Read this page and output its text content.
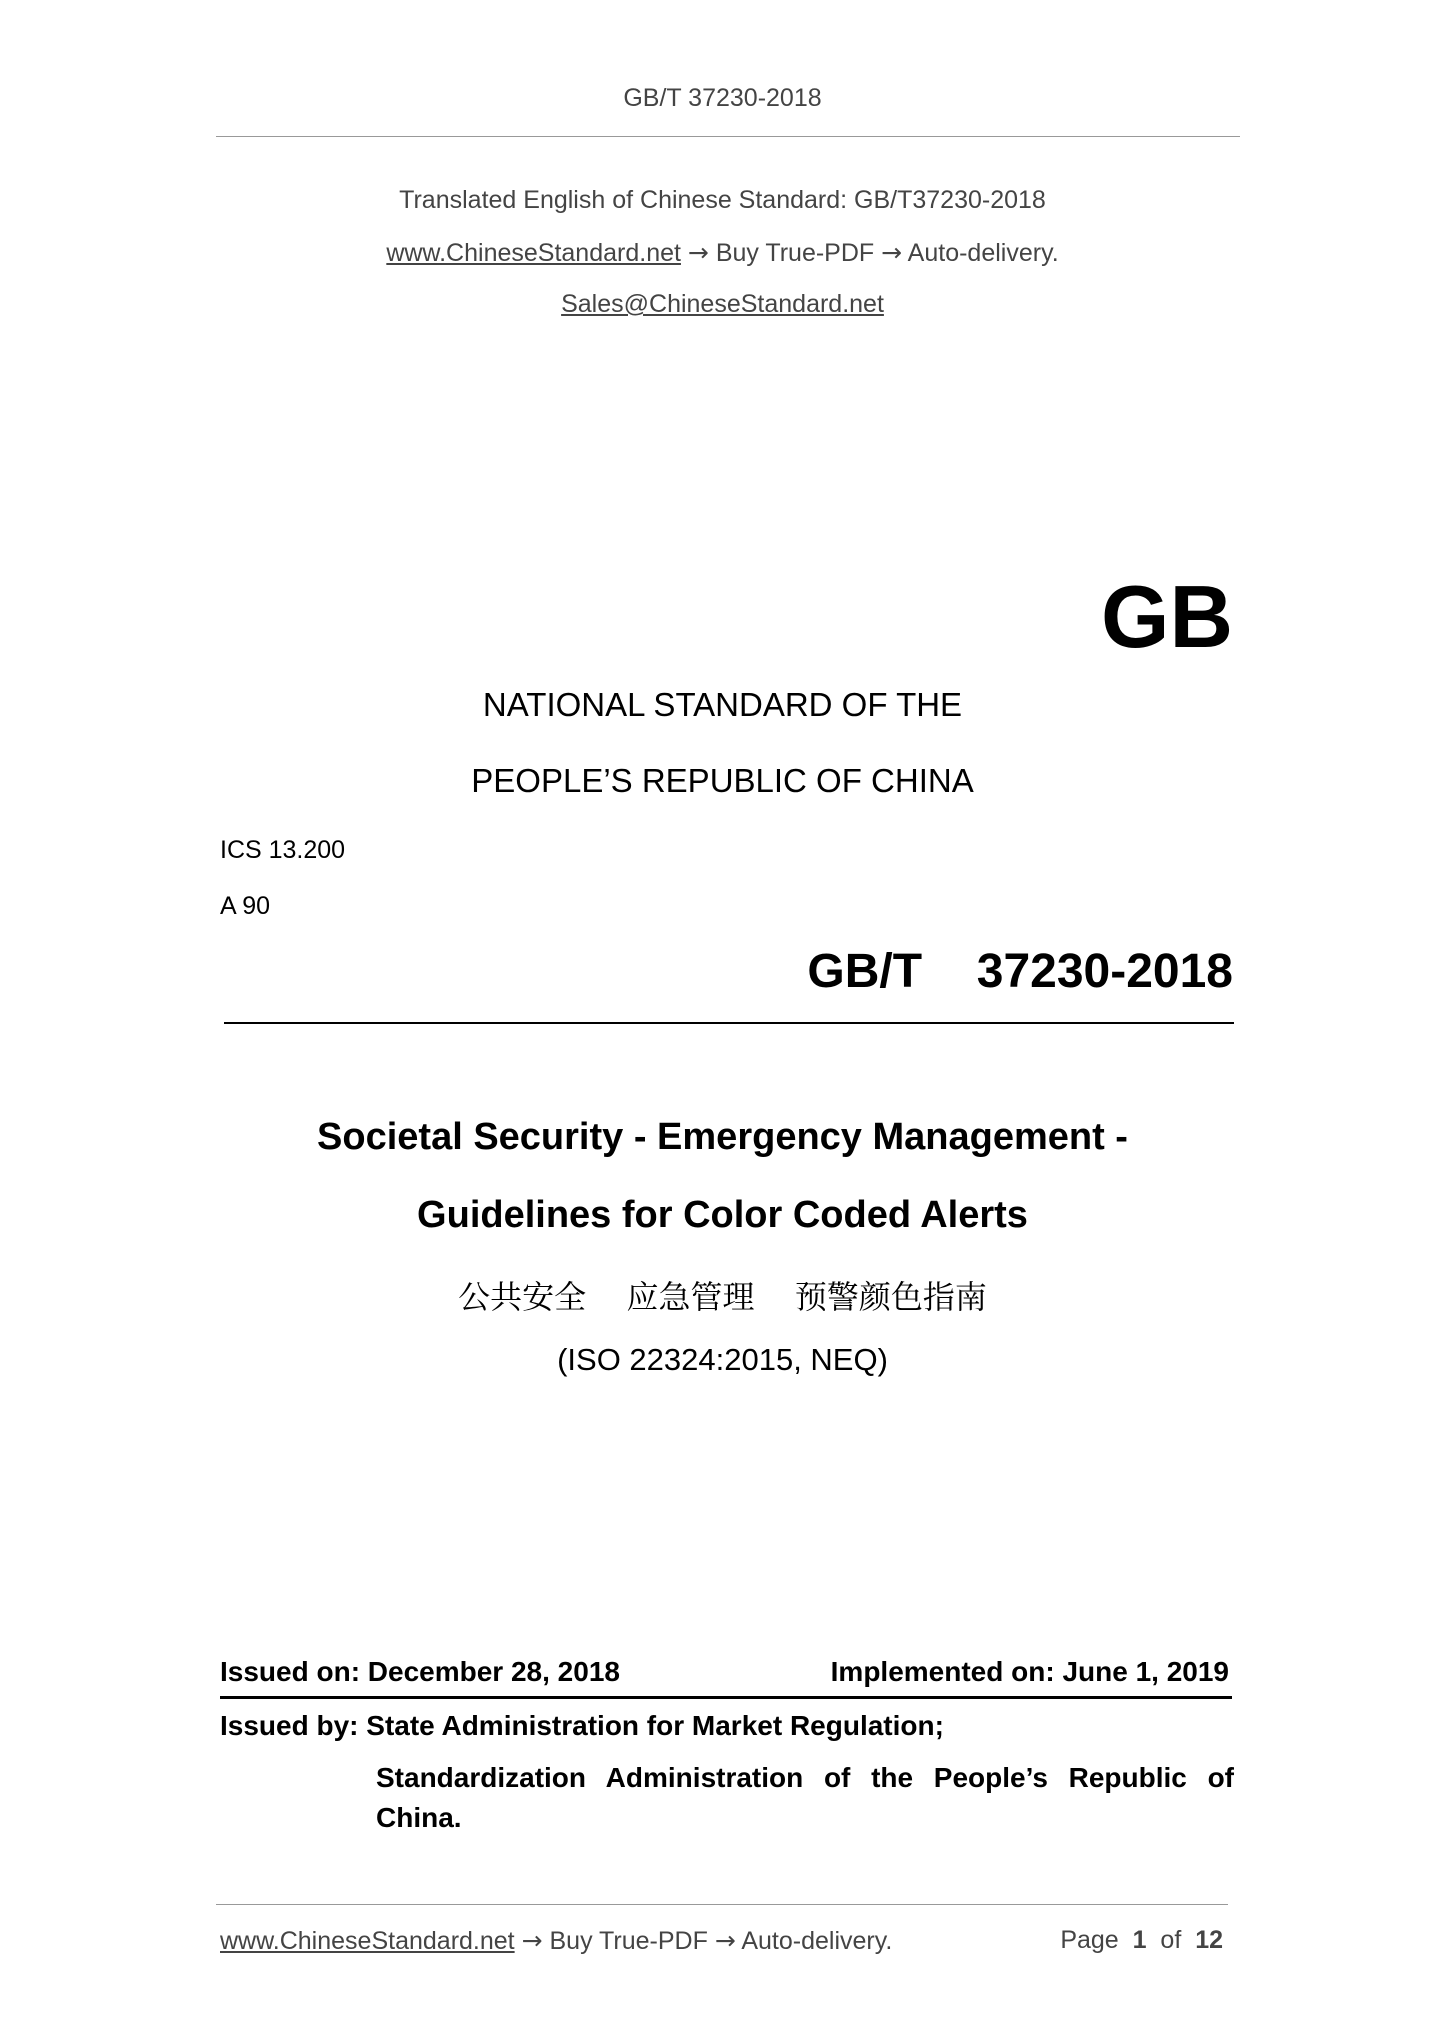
GB/T 37230-2018
Translated English of Chinese Standard: GB/T37230-2018
www.ChineseStandard.net → Buy True-PDF → Auto-delivery.
Sales@ChineseStandard.net
GB
NATIONAL STANDARD OF THE
PEOPLE’S REPUBLIC OF CHINA
ICS 13.200
A 90
GB/T  37230-2018
Societal Security - Emergency Management -
Guidelines for Color Coded Alerts
公共安全  应急管理  预警颜色指南
(ISO 22324:2015, NEQ)
Issued on: December 28, 2018	Implemented on: June 1, 2019
Issued by: State Administration for Market Regulation;
Standardization Administration of the People’s Republic of
China.
www.ChineseStandard.net → Buy True-PDF → Auto-delivery.	Page 1 of 12
